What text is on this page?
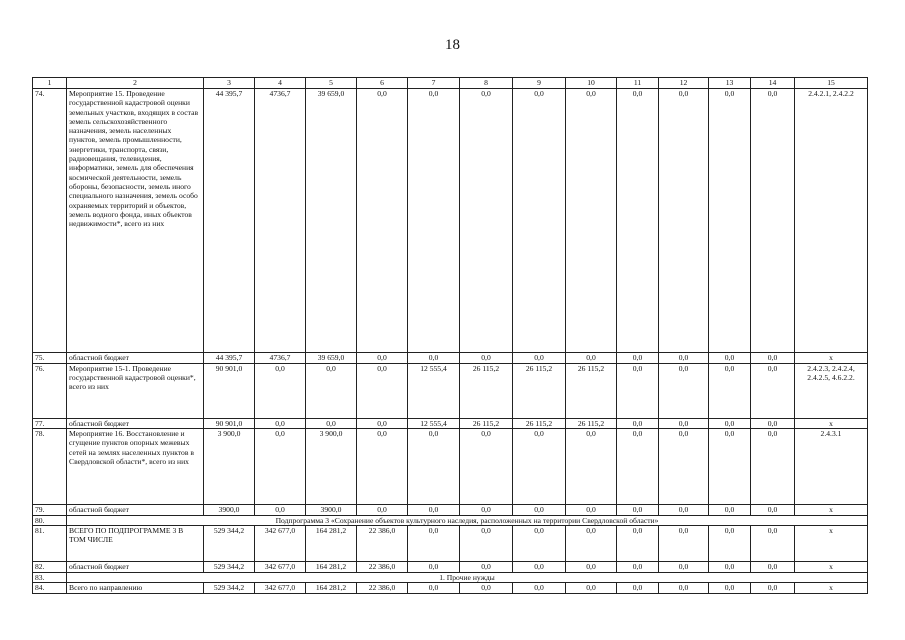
18
1	2	3	4	5	6	7	8	9	10	11	12	13	14	15
74.	Мероприятие 15. Проведение государственной кадастровой оценки земельных участков, входящих в состав земель сельскохозяйственного назначения, земель населенных пунктов, земель промышленности, энергетики, транспорта, связи, радиовещания, телевидения, информатики, земель для обеспечения космической деятельности, земель обороны, безопасности, земель иного специального назначения, земель особо охраняемых территорий и объектов, земель водного фонда, иных объектов недвижимости*, всего из них	44 395,7	4736,7	39 659,0	0,0	0,0	0,0	0,0	0,0	0,0	0,0	0,0	0,0	2.4.2.1, 2.4.2.2
75.	областной бюджет	44 395,7	4736,7	39 659,0	0,0	0,0	0,0	0,0	0,0	0,0	0,0	0,0	0,0	x
76.	Мероприятие 15-1. Проведение государственной кадастровой оценки*, всего из них	90 901,0	0,0	0,0	0,0	12 555,4	26 115,2	26 115,2	26 115,2	0,0	0,0	0,0	0,0	2.4.2.3, 2.4.2.4, 2.4.2.5, 4.6.2.2.
77.	областной бюджет	90 901,0	0,0	0,0	0,0	12 555,4	26 115,2	26 115,2	26 115,2	0,0	0,0	0,0	0,0	x
78.	Мероприятие 16. Восстановление и сгущение пунктов опорных межевых сетей на землях населенных пунктов в Свердловской области*, всего из них	3 900,0	0,0	3 900,0	0,0	0,0	0,0	0,0	0,0	0,0	0,0	0,0	0,0	2.4.3.1
79.	областной бюджет	3900,0	0,0	3900,0	0,0	0,0	0,0	0,0	0,0	0,0	0,0	0,0	0,0	x
80.	Подпрограмма 3 «Сохранение объектов культурного наследия, расположенных на территории Свердловской области»													
81.	ВСЕГО ПО ПОДПРОГРАММЕ 3 В ТОМ ЧИСЛЕ	529 344,2	342 677,0	164 281,2	22 386,0	0,0	0,0	0,0	0,0	0,0	0,0	0,0	0,0	x
82.	областной бюджет	529 344,2	342 677,0	164 281,2	22 386,0	0,0	0,0	0,0	0,0	0,0	0,0	0,0	0,0	x
83.	1. Прочие нужды													
84.	Всего по направлению	529 344,2	342 677,0	164 281,2	22 386,0	0,0	0,0	0,0	0,0	0,0	0,0	0,0	0,0	x
